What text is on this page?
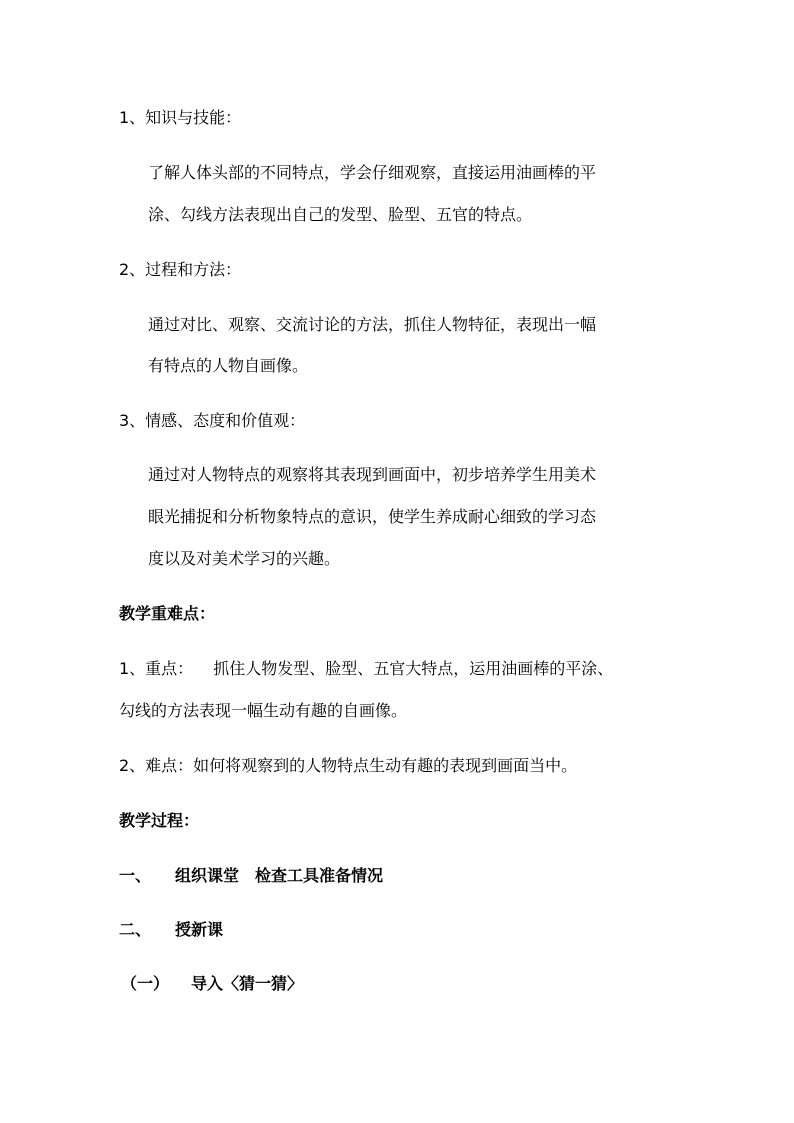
1、知识与技能：
了解人体头部的不同特点，学会仔细观察，直接运用油画棒的平
涂、勾线方法表现出自己的发型、脸型、五官的特点。
2、过程和方法：
通过对比、观察、交流讨论的方法，抓住人物特征，表现出一幅
有特点的人物自画像。
3、情感、态度和价值观：
通过对人物特点的观察将其表现到画面中，初步培养学生用美术
眼光捕捉和分析物象特点的意识，使学生养成耐心细致的学习态
度以及对美术学习的兴趣。
教学重难点：
1、重点： 抓住人物发型、脸型、五官大特点，运用油画棒的平涂、
勾线的方法表现一幅生动有趣的自画像。
2、难点：如何将观察到的人物特点生动有趣的表现到画面当中。
教学过程：
一、 组织课堂　检查工具准备情况
二、 授新课
（一） 导入〈猜一猜〉
